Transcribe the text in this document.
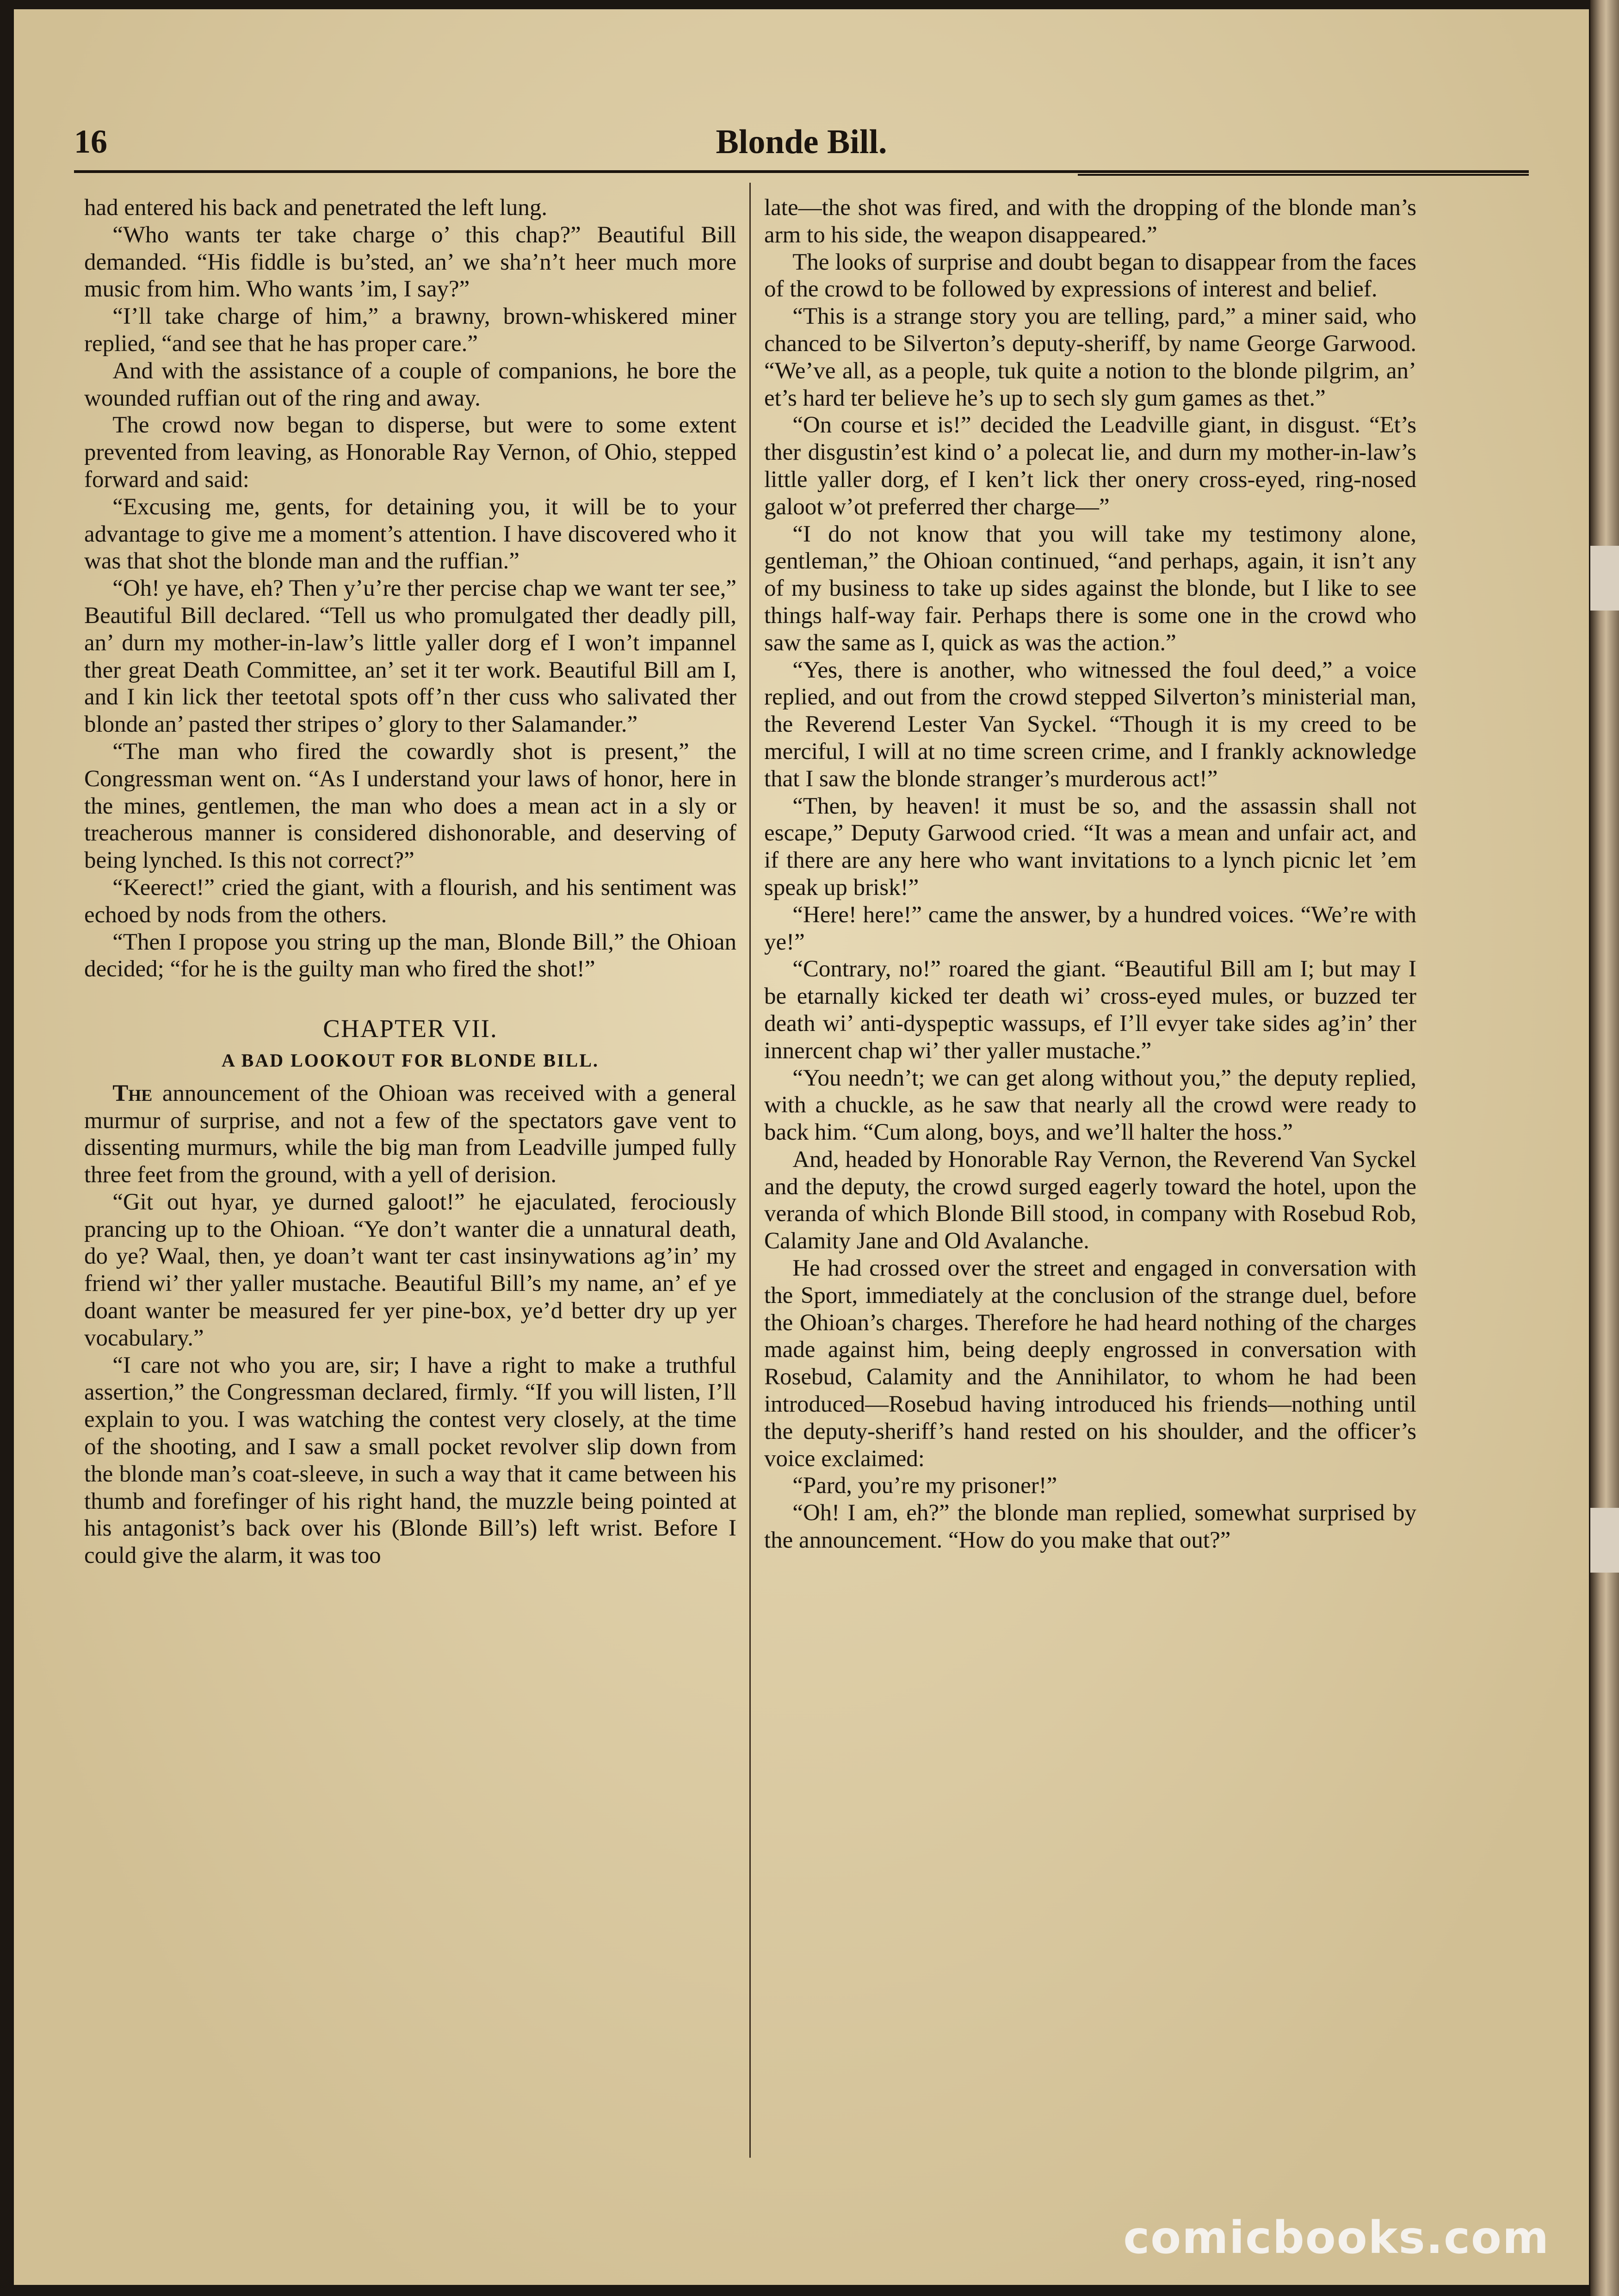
16	Blonde Bill.

had entered his back and penetrated the left lung.

“Who wants ter take charge o’ this chap?” Beautiful Bill demanded. “His fiddle is bu’sted, an’ we sha’n’t heer much more music from him. Who wants ’im, I say?”

“I’ll take charge of him,” a brawny, brown-whiskered miner replied, “and see that he has proper care.”

And with the assistance of a couple of companions, he bore the wounded ruffian out of the ring and away.

The crowd now began to disperse, but were to some extent prevented from leaving, as Honorable Ray Vernon, of Ohio, stepped forward and said:

“Excusing me, gents, for detaining you, it will be to your advantage to give me a moment’s attention. I have discovered who it was that shot the blonde man and the ruffian.”

“Oh! ye have, eh? Then y’u’re ther percise chap we want ter see,” Beautiful Bill declared. “Tell us who promulgated ther deadly pill, an’ durn my mother-in-law’s little yaller dorg ef I won’t impannel ther great Death Committee, an’ set it ter work. Beautiful Bill am I, and I kin lick ther teetotal spots off’n ther cuss who salivated ther blonde an’ pasted ther stripes o’ glory to ther Salamander.”

“The man who fired the cowardly shot is present,” the Congressman went on. “As I understand your laws of honor, here in the mines, gentlemen, the man who does a mean act in a sly or treacherous manner is considered dishonorable, and deserving of being lynched. Is this not correct?”

“Keerect!” cried the giant, with a flourish, and his sentiment was echoed by nods from the others.

“Then I propose you string up the man, Blonde Bill,” the Ohioan decided; “for he is the guilty man who fired the shot!”

CHAPTER VII.
A BAD LOOKOUT FOR BLONDE BILL.

The announcement of the Ohioan was received with a general murmur of surprise, and not a few of the spectators gave vent to dissenting murmurs, while the big man from Leadville jumped fully three feet from the ground, with a yell of derision.

“Git out hyar, ye durned galoot!” he ejaculated, ferociously prancing up to the Ohioan. “Ye don’t wanter die a unnatural death, do ye? Waal, then, ye doan’t want ter cast insinywations ag’in’ my friend wi’ ther yaller mustache. Beautiful Bill’s my name, an’ ef ye doant wanter be measured fer yer pine-box, ye’d better dry up yer vocabulary.”

“I care not who you are, sir; I have a right to make a truthful assertion,” the Congressman declared, firmly. “If you will listen, I’ll explain to you. I was watching the contest very closely, at the time of the shooting, and I saw a small pocket revolver slip down from the blonde man’s coat-sleeve, in such a way that it came between his thumb and forefinger of his right hand, the muzzle being pointed at his antagonist’s back over his (Blonde Bill’s) left wrist. Before I could give the alarm, it was too

late—the shot was fired, and with the dropping of the blonde man’s arm to his side, the weapon disappeared.”

The looks of surprise and doubt began to disappear from the faces of the crowd to be followed by expressions of interest and belief.

“This is a strange story you are telling, pard,” a miner said, who chanced to be Silverton’s deputy-sheriff, by name George Garwood. “We’ve all, as a people, tuk quite a notion to the blonde pilgrim, an’ et’s hard ter believe he’s up to sech sly gum games as thet.”

“On course et is!” decided the Leadville giant, in disgust. “Et’s ther disgustin’est kind o’ a polecat lie, and durn my mother-in-law’s little yaller dorg, ef I ken’t lick ther onery cross-eyed, ring-nosed galoot w’ot preferred ther charge—”

“I do not know that you will take my testimony alone, gentleman,” the Ohioan continued, “and perhaps, again, it isn’t any of my business to take up sides against the blonde, but I like to see things half-way fair. Perhaps there is some one in the crowd who saw the same as I, quick as was the action.”

“Yes, there is another, who witnessed the foul deed,” a voice replied, and out from the crowd stepped Silverton’s ministerial man, the Reverend Lester Van Syckel. “Though it is my creed to be merciful, I will at no time screen crime, and I frankly acknowledge that I saw the blonde stranger’s murderous act!”

“Then, by heaven! it must be so, and the assassin shall not escape,” Deputy Garwood cried. “It was a mean and unfair act, and if there are any here who want invitations to a lynch picnic let ’em speak up brisk!”

“Here! here!” came the answer, by a hundred voices. “We’re with ye!”

“Contrary, no!” roared the giant. “Beautiful Bill am I; but may I be etarnally kicked ter death wi’ cross-eyed mules, or buzzed ter death wi’ anti-dyspeptic wassups, ef I’ll evyer take sides ag’in’ ther innercent chap wi’ ther yaller mustache.”

“You needn’t; we can get along without you,” the deputy replied, with a chuckle, as he saw that nearly all the crowd were ready to back him. “Cum along, boys, and we’ll halter the hoss.”

And, headed by Honorable Ray Vernon, the Reverend Van Syckel and the deputy, the crowd surged eagerly toward the hotel, upon the veranda of which Blonde Bill stood, in company with Rosebud Rob, Calamity Jane and Old Avalanche.

He had crossed over the street and engaged in conversation with the Sport, immediately at the conclusion of the strange duel, before the Ohioan’s charges. Therefore he had heard nothing of the charges made against him, being deeply engrossed in conversation with Rosebud, Calamity and the Annihilator, to whom he had been introduced—Rosebud having introduced his friends—nothing until the deputy-sheriff’s hand rested on his shoulder, and the officer’s voice exclaimed:

“Pard, you’re my prisoner!”

“Oh! I am, eh?” the blonde man replied, somewhat surprised by the announcement. “How do you make that out?”

comicbooks.com
